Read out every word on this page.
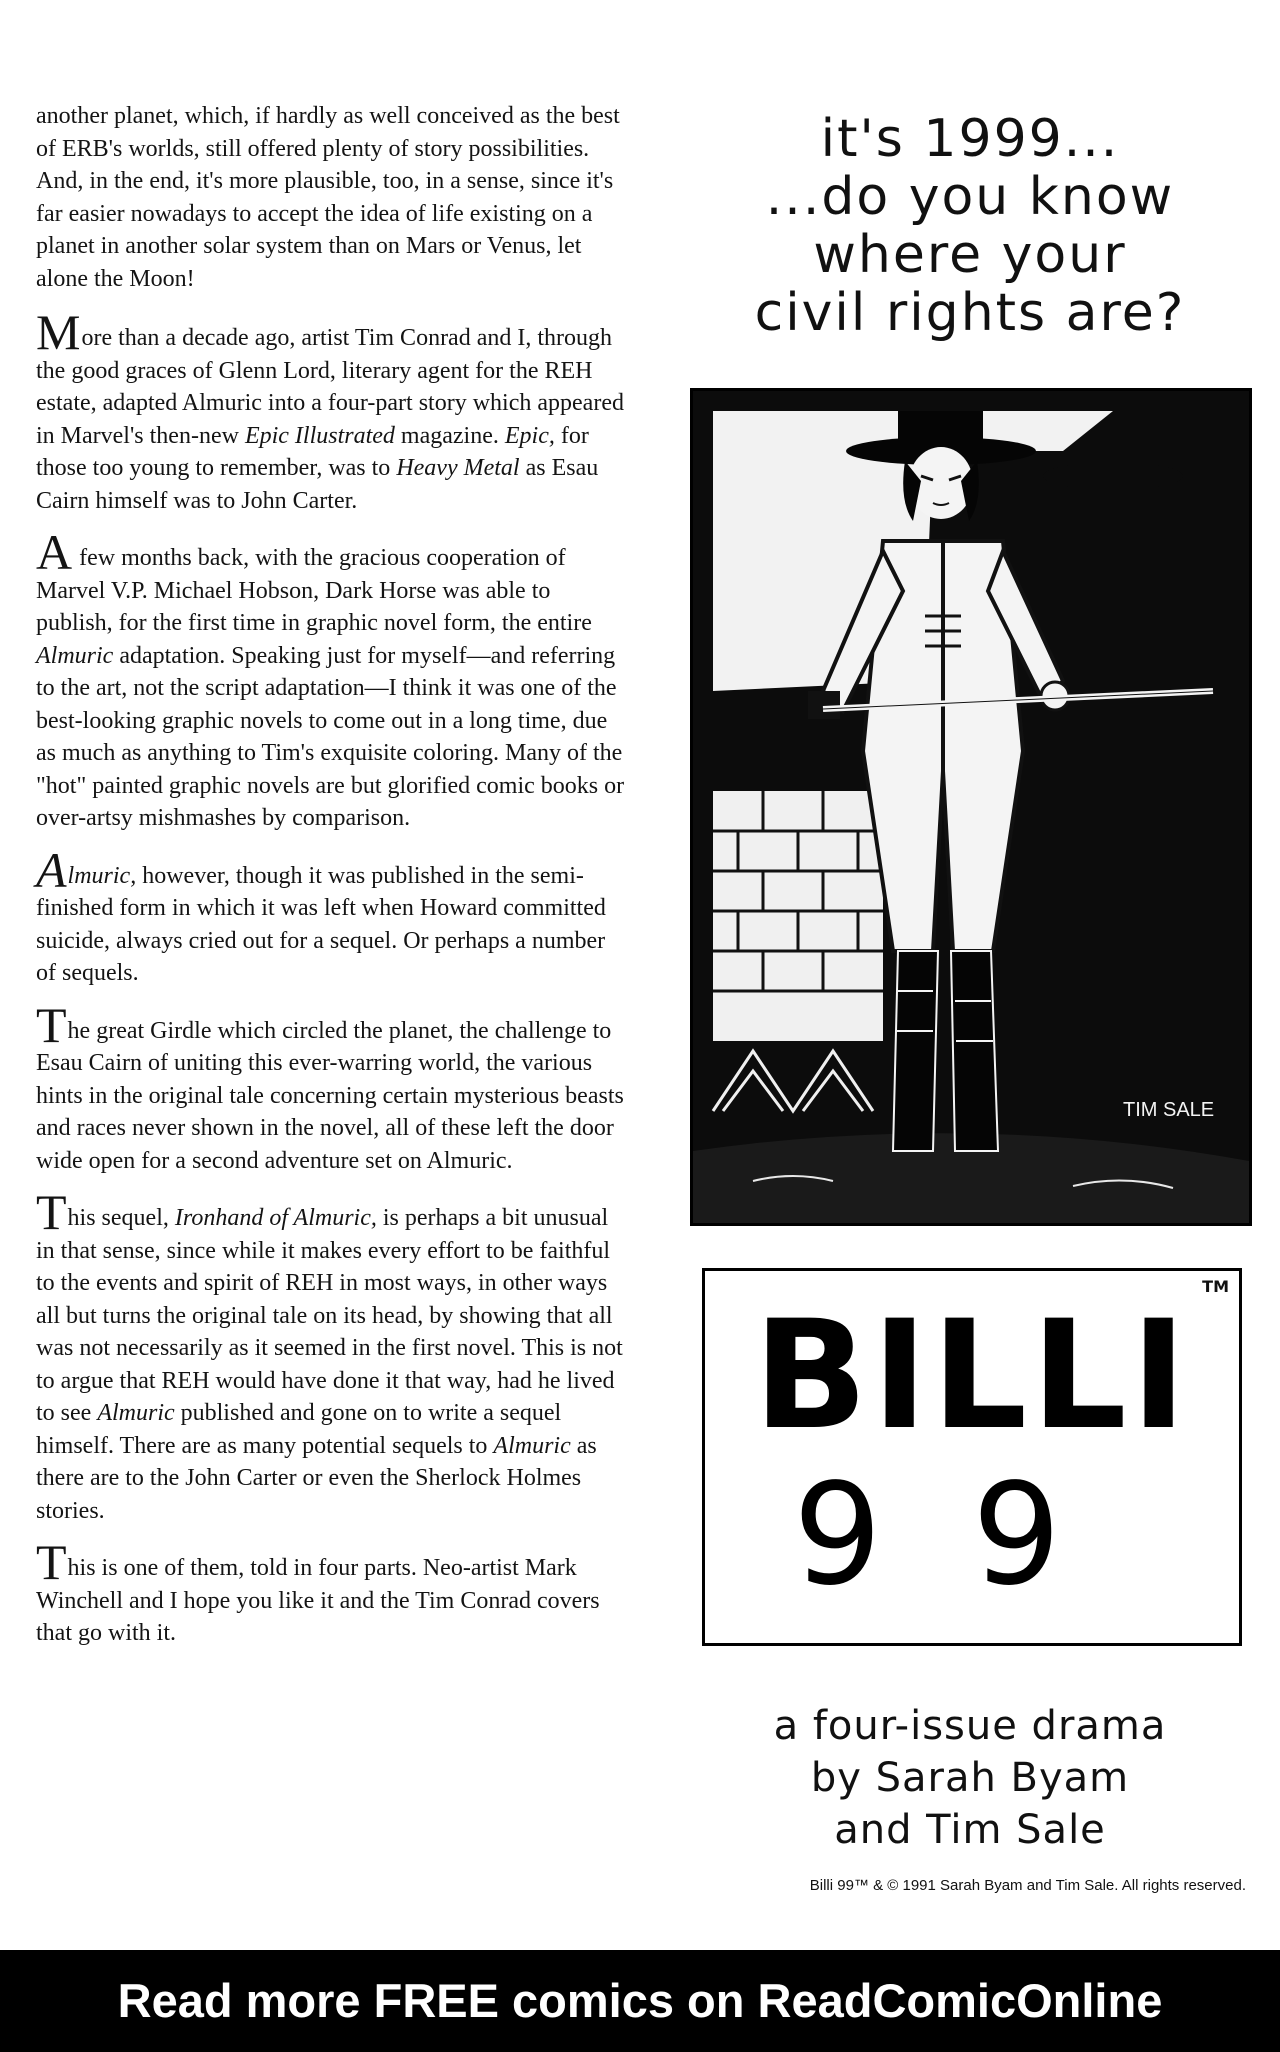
another planet, which, if hardly as well conceived as the best of ERB's worlds, still offered plenty of story possibilities. And, in the end, it's more plausible, too, in a sense, since it's far easier nowadays to accept the idea of life existing on a planet in another solar system than on Mars or Venus, let alone the Moon!

More than a decade ago, artist Tim Conrad and I, through the good graces of Glenn Lord, literary agent for the REH estate, adapted Almuric into a four-part story which appeared in Marvel's then-new Epic Illustrated magazine. Epic, for those too young to remember, was to Heavy Metal as Esau Cairn himself was to John Carter.

A few months back, with the gracious cooperation of Marvel V.P. Michael Hobson, Dark Horse was able to publish, for the first time in graphic novel form, the entire Almuric adaptation. Speaking just for myself—and referring to the art, not the script adaptation—I think it was one of the best-looking graphic novels to come out in a long time, due as much as anything to Tim's exquisite coloring. Many of the "hot" painted graphic novels are but glorified comic books or over-artsy mishmashes by comparison.

Almuric, however, though it was published in the semi-finished form in which it was left when Howard committed suicide, always cried out for a sequel. Or perhaps a number of sequels.

The great Girdle which circled the planet, the challenge to Esau Cairn of uniting this ever-warring world, the various hints in the original tale concerning certain mysterious beasts and races never shown in the novel, all of these left the door wide open for a second adventure set on Almuric.

This sequel, Ironhand of Almuric, is perhaps a bit unusual in that sense, since while it makes every effort to be faithful to the events and spirit of REH in most ways, in other ways all but turns the original tale on its head, by showing that all was not necessarily as it seemed in the first novel. This is not to argue that REH would have done it that way, had he lived to see Almuric published and gone on to write a sequel himself. There are as many potential sequels to Almuric as there are to the John Carter or even the Sherlock Holmes stories.

This is one of them, told in four parts. Neo-artist Mark Winchell and I hope you like it and the Tim Conrad covers that go with it.

it's 1999...
...do you know
where your
civil rights are?
TIM SALE
TM
BILLI
99
a four-issue drama
by Sarah Byam
and Tim Sale
Billi 99™ & © 1991 Sarah Byam and Tim Sale. All rights reserved.
Read more FREE comics on ReadComicOnline
